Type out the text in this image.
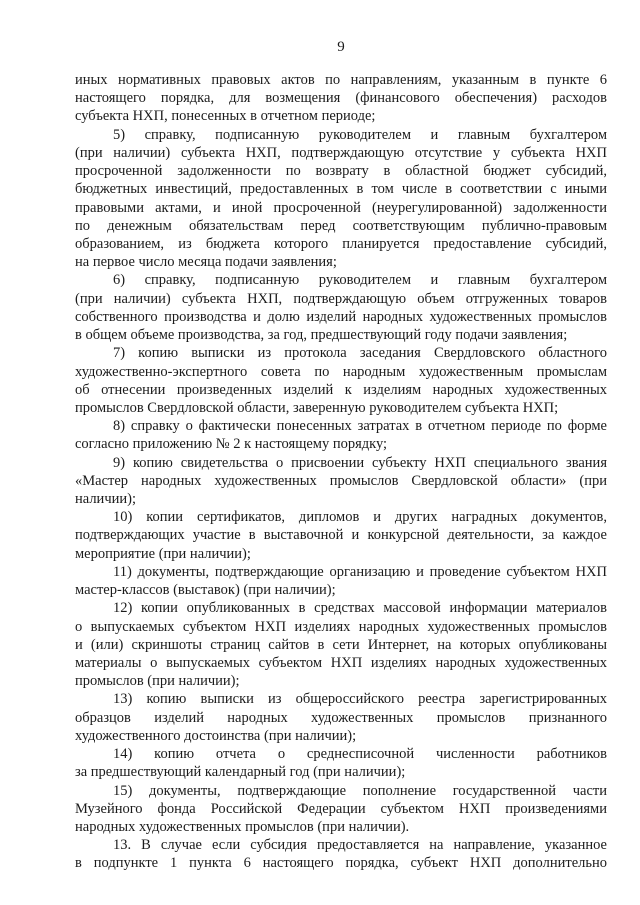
9
иных нормативных правовых актов по направлениям, указанным в пункте 6
настоящего порядка, для возмещения (финансового обеспечения) расходов
субъекта НХП, понесенных в отчетном периоде;
5) справку, подписанную руководителем и главным бухгалтером
(при наличии) субъекта НХП, подтверждающую отсутствие у субъекта НХП
просроченной задолженности по возврату в областной бюджет субсидий,
бюджетных инвестиций, предоставленных в том числе в соответствии с иными
правовыми актами, и иной просроченной (неурегулированной) задолженности
по денежным обязательствам перед соответствующим публично-правовым
образованием, из бюджета которого планируется предоставление субсидий,
на первое число месяца подачи заявления;
6) справку, подписанную руководителем и главным бухгалтером
(при наличии) субъекта НХП, подтверждающую объем отгруженных товаров
собственного производства и долю изделий народных художественных промыслов
в общем объеме производства, за год, предшествующий году подачи заявления;
7) копию выписки из протокола заседания Свердловского областного
художественно-экспертного совета по народным художественным промыслам
об отнесении произведенных изделий к изделиям народных художественных
промыслов Свердловской области, заверенную руководителем субъекта НХП;
8) справку о фактически понесенных затратах в отчетном периоде по форме
согласно приложению № 2 к настоящему порядку;
9) копию свидетельства о присвоении субъекту НХП специального звания
«Мастер народных художественных промыслов Свердловской области» (при
наличии);
10) копии сертификатов, дипломов и других наградных документов,
подтверждающих участие в выставочной и конкурсной деятельности, за каждое
мероприятие (при наличии);
11) документы, подтверждающие организацию и проведение субъектом НХП
мастер-классов (выставок) (при наличии);
12) копии опубликованных в средствах массовой информации материалов
о выпускаемых субъектом НХП изделиях народных художественных промыслов
и (или) скриншоты страниц сайтов в сети Интернет, на которых опубликованы
материалы о выпускаемых субъектом НХП изделиях народных художественных
промыслов (при наличии);
13) копию выписки из общероссийского реестра зарегистрированных
образцов изделий народных художественных промыслов признанного
художественного достоинства (при наличии);
14) копию отчета о среднесписочной численности работников
за предшествующий календарный год (при наличии);
15) документы, подтверждающие пополнение государственной части
Музейного фонда Российской Федерации субъектом НХП произведениями
народных художественных промыслов (при наличии).
13. В случае если субсидия предоставляется на направление, указанное
в подпункте 1 пункта 6 настоящего порядка, субъект НХП дополнительно
